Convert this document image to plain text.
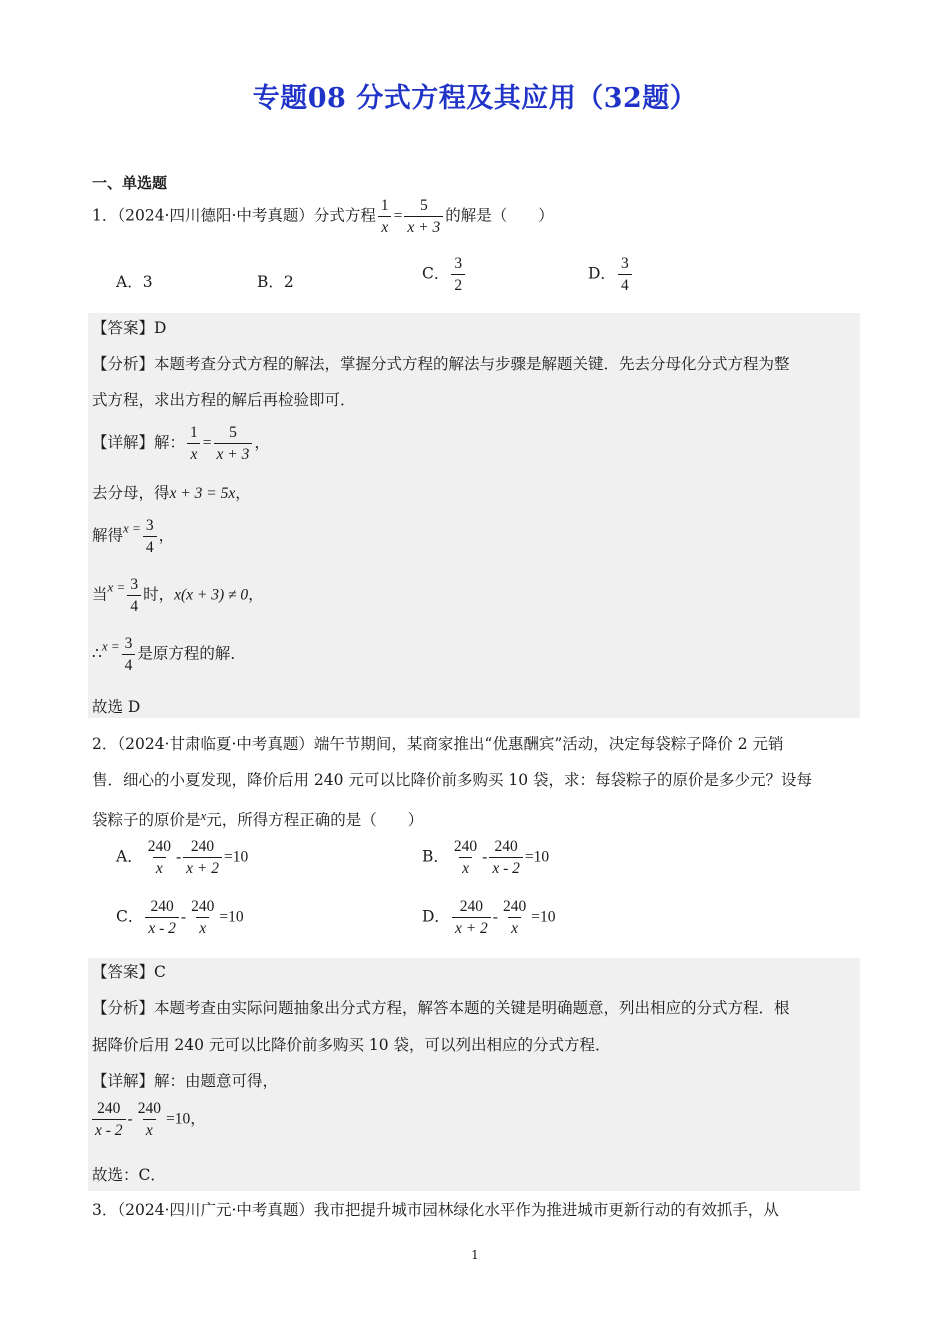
专题08 分式方程及其应用（32题）
一、单选题
1．（2024·四川德阳·中考真题）分式方程 $\frac{1}{x} = \frac{5}{x + 3}$ 的解是（　　）
A．3	B．2	C． $\frac{3}{2}$	D． $\frac{3}{4}$
【答案】D
【分析】本题考查分式方程的解法，掌握分式方程的解法与步骤是解题关键．先去分母化分式方程为整
式方程，求出方程的解后再检验即可．
【详解】解： $\frac{1}{x} = \frac{5}{x + 3}$ ，
去分母，得x + 3 = 5x，
解得$^{x =} \frac{3}{4}$ ，
当$^{x =} \frac{3}{4}$ 时，x(x + 3) ≠ 0，
∴$^{x =}$ $\frac{3}{4}$ 是原方程的解．
故选 D
2．（2024·甘肃临夏·中考真题）端午节期间，某商家推出“优惠酬宾”活动，决定每袋粽子降价 2 元销
售．细心的小夏发现，降价后用 240 元可以比降价前多购买 10 袋，求：每袋粽子的原价是多少元？设每
袋粽子的原价是$^x$元，所得方程正确的是（　　）
A． $\frac{240}{x} - \frac{240}{x + 2} =10$	B． $\frac{240}{x} - \frac{240}{x - 2} =10$
C． $\frac{240}{x - 2} - \frac{240}{x} =10$	D． $\frac{240}{x + 2} - \frac{240}{x} =10$
【答案】C
【分析】本题考查由实际问题抽象出分式方程，解答本题的关键是明确题意，列出相应的分式方程．根
据降价后用 240 元可以比降价前多购买 10 袋，可以列出相应的分式方程．
【详解】解：由题意可得，
$\frac{240}{x - 2} - \frac{240}{x} =10$，
故选：C．
3．（2024·四川广元·中考真题）我市把提升城市园林绿化水平作为推进城市更新行动的有效抓手，从
1
